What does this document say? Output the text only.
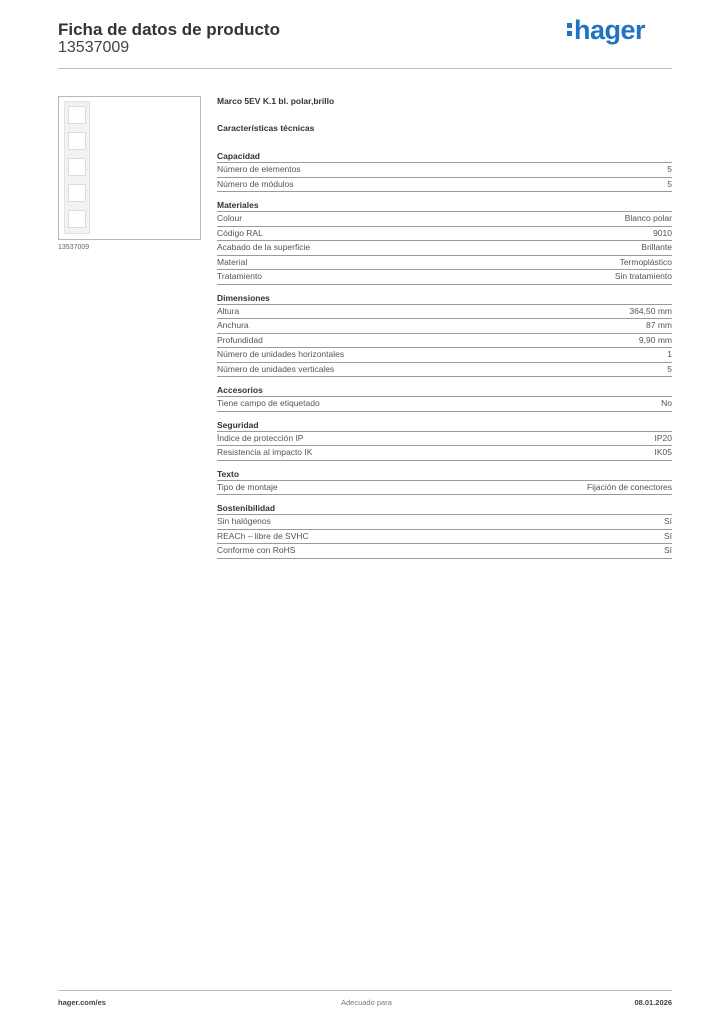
Ficha de datos de producto
13537009
hager
13537009
Marco 5EV K.1 bl. polar,brillo
Características técnicas
Capacidad
Número de elementos	5
Número de módulos	5
Materiales
Colour	Blanco polar
Código RAL	9010
Acabado de la superficie	Brillante
Material	Termoplástico
Tratamiento	Sin tratamiento
Dimensiones
Altura	364,50 mm
Anchura	87 mm
Profundidad	9,90 mm
Número de unidades horizontales	1
Número de unidades verticales	5
Accesorios
Tiene campo de etiquetado	No
Seguridad
Índice de protección IP	IP20
Resistencia al impacto IK	IK05
Texto
Tipo de montaje	Fijación de conectores
Sostenibilidad
Sin halógenos	Sí
REACh – libre de SVHC	Sí
Conforme con RoHS	Sí
hager.com/es	Adecuado para	08.01.2026
